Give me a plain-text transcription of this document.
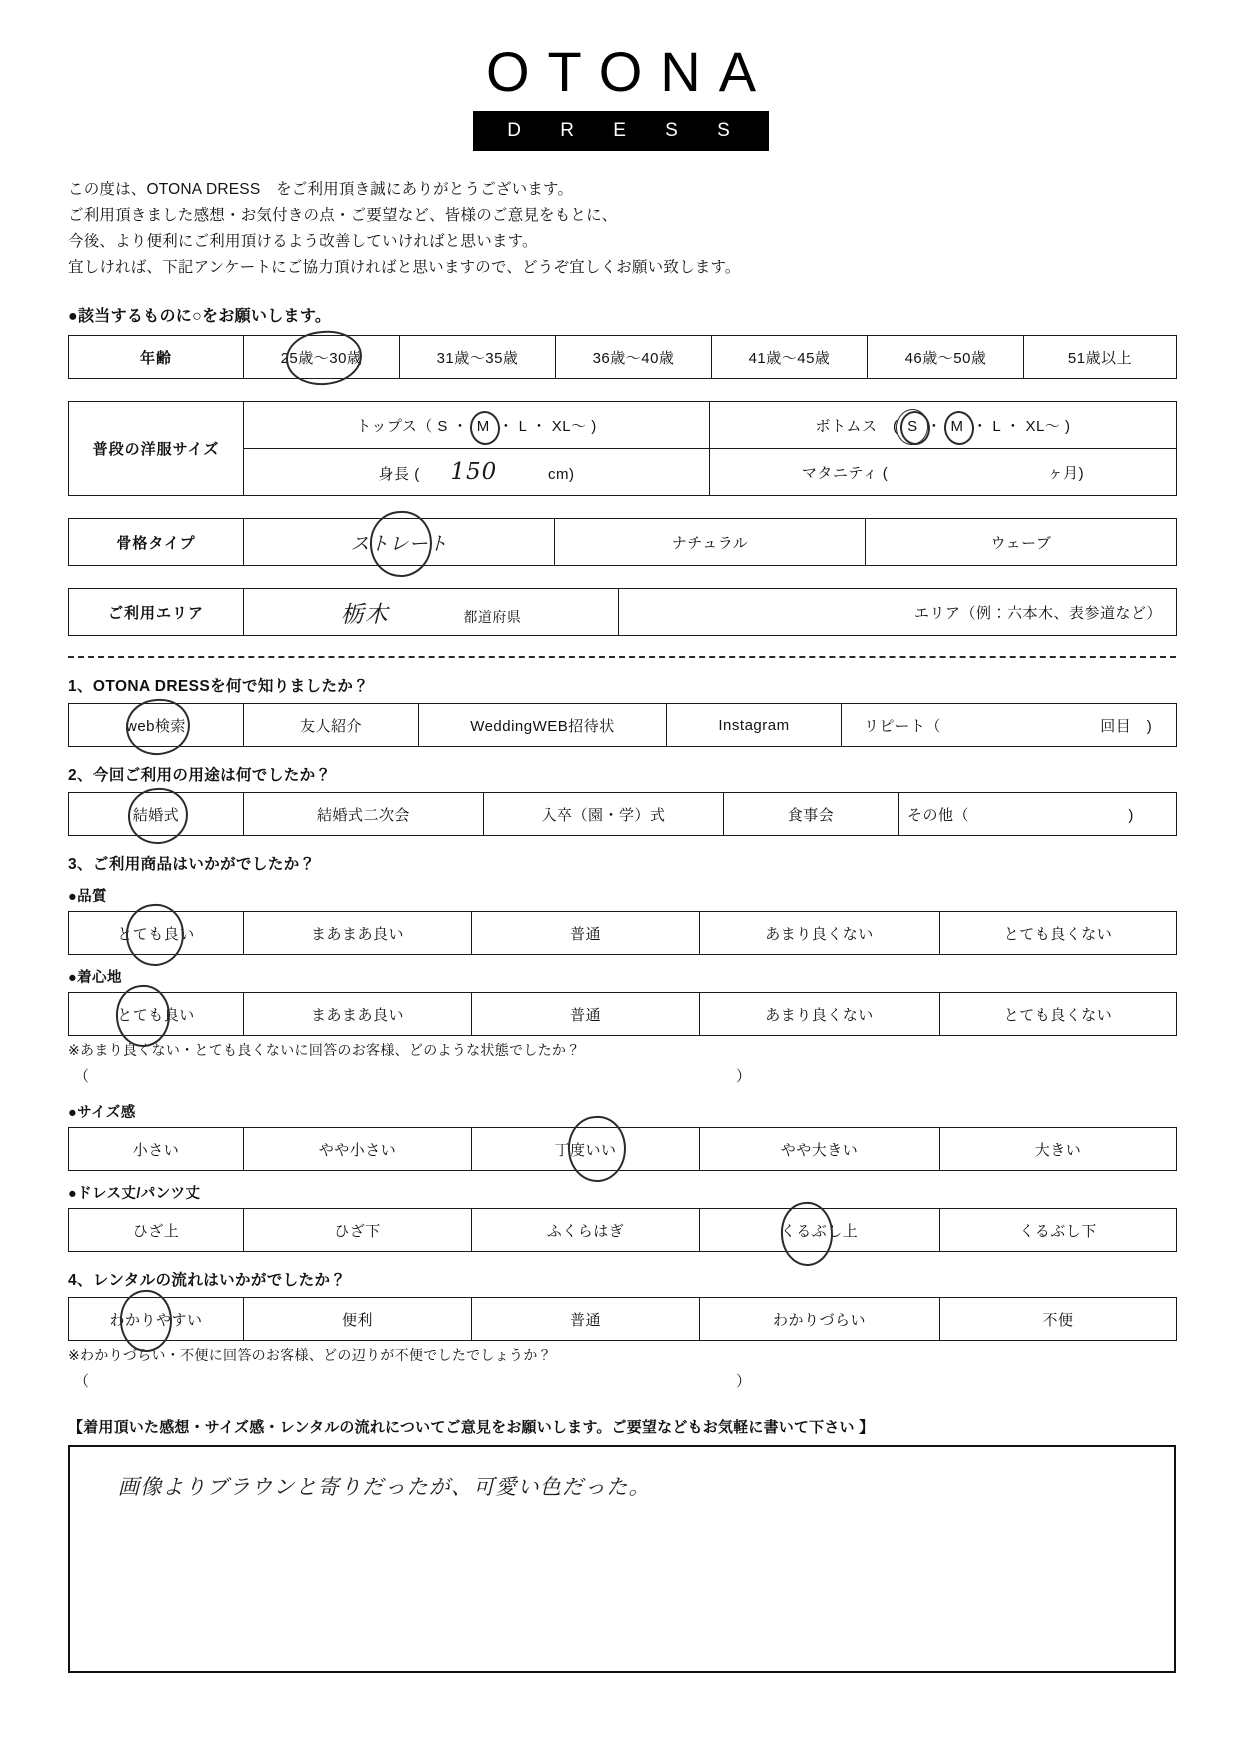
OTONA
D R E S S
この度は、OTONA DRESS　をご利用頂き誠にありがとうございます。
ご利用頂きました感想・お気付きの点・ご要望など、皆様のご意見をもとに、
今後、より便利にご利用頂けるよう改善していければと思います。
宜しければ、下記アンケートにご協力頂ければと思いますので、どうぞ宜しくお願い致します。
●該当するものに○をお願いします。
年齢	25歳〜30歳	31歳〜35歳	36歳〜40歳	41歳〜45歳	46歳〜50歳	51歳以上
普段の洋服サイズ	トップス（ S ・ M ・ L ・ XL〜 )	ボトムス　( S ・ M ・ L ・ XL〜 )
	身長 ( 150 cm)	マタニティ ( ヶ月)
骨格タイプ	ストレート	ナチュラル	ウェーブ
ご利用エリア	栃木	都道府県	エリア（例：六本木、表参道など）
1、OTONA DRESSを何で知りましたか？
web検索	友人紹介	WeddingWEB招待状	Instagram	リピート（	回目　)
2、今回ご利用の用途は何でしたか？
結婚式	結婚式二次会	入卒（園・学）式	食事会	その他（	)
3、ご利用商品はいかがでしたか？
●品質
とても良い	まあまあ良い	普通	あまり良くない	とても良くない
●着心地
とても良い	まあまあ良い	普通	あまり良くない	とても良くない
※あまり良くない・とても良くないに回答のお客様、どのような状態でしたか？
（	）
●サイズ感
小さい	やや小さい	丁度いい	やや大きい	大きい
●ドレス丈/パンツ丈
ひざ上	ひざ下	ふくらはぎ	くるぶし上	くるぶし下
4、レンタルの流れはいかがでしたか？
わかりやすい	便利	普通	わかりづらい	不便
※わかりづらい・不便に回答のお客様、どの辺りが不便でしたでしょうか？
（	）
【着用頂いた感想・サイズ感・レンタルの流れについてご意見をお願いします。ご要望などもお気軽に書いて下さい 】
画像よりブラウンと寄りだったが、可愛い色だった。
